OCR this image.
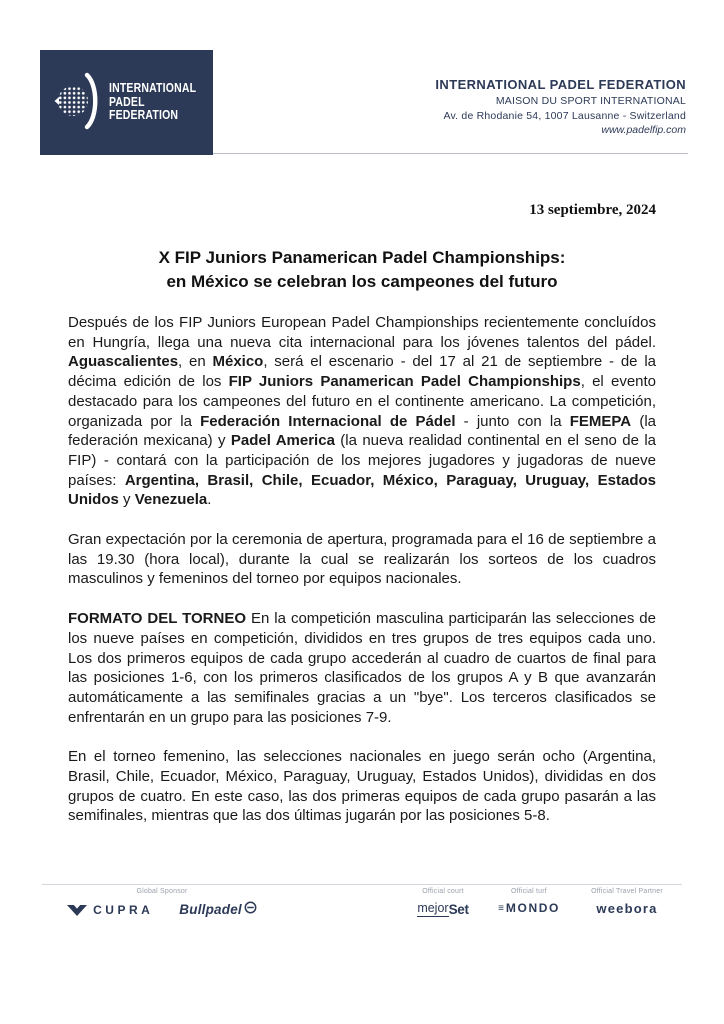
INTERNATIONAL
PADEL
FEDERATION
INTERNATIONAL PADEL FEDERATION
MAISON DU SPORT INTERNATIONAL
Av. de Rhodanie 54, 1007 Lausanne - Switzerland
www.padelfip.com
13 septiembre, 2024
X FIP Juniors Panamerican Padel Championships:
en México se celebran los campeones del futuro

Después de los FIP Juniors European Padel Championships recientemente concluídos en Hungría, llega una nueva cita internacional para los jóvenes talentos del pádel. Aguascalientes, en México, será el escenario - del 17 al 21 de septiembre - de la décima edición de los FIP Juniors Panamerican Padel Championships, el evento destacado para los campeones del futuro en el continente americano. La competición, organizada por la Federación Internacional de Pádel - junto con la FEMEPA (la federación mexicana) y Padel America (la nueva realidad continental en el seno de la FIP) - contará con la participación de los mejores jugadores y jugadoras de nueve países: Argentina, Brasil, Chile, Ecuador, México, Paraguay, Uruguay, Estados Unidos y Venezuela.

Gran expectación por la ceremonia de apertura, programada para el 16 de septiembre a las 19.30 (hora local), durante la cual se realizarán los sorteos de los cuadros masculinos y femeninos del torneo por equipos nacionales.

FORMATO DEL TORNEO En la competición masculina participarán las selecciones de los nueve países en competición, divididos en tres grupos de tres equipos cada uno. Los dos primeros equipos de cada grupo accederán al cuadro de cuartos de final para las posiciones 1-6, con los primeros clasificados de los grupos A y B que avanzarán automáticamente a las semifinales gracias a un "bye". Los terceros clasificados se enfrentarán en un grupo para las posiciones 7-9.

En el torneo femenino, las selecciones nacionales en juego serán ocho (Argentina, Brasil, Chile, Ecuador, México, Paraguay, Uruguay, Estados Unidos), divididas en dos grupos de cuatro. En este caso, las dos primeras equipos de cada grupo pasarán a las semifinales, mientras que las dos últimas jugarán por las posiciones 5-8.

Global Sponsor
CUPRA Bullpadel
Official court
mejor Set
Official turf
≡ MONDO
Official Travel Partner
weebora
